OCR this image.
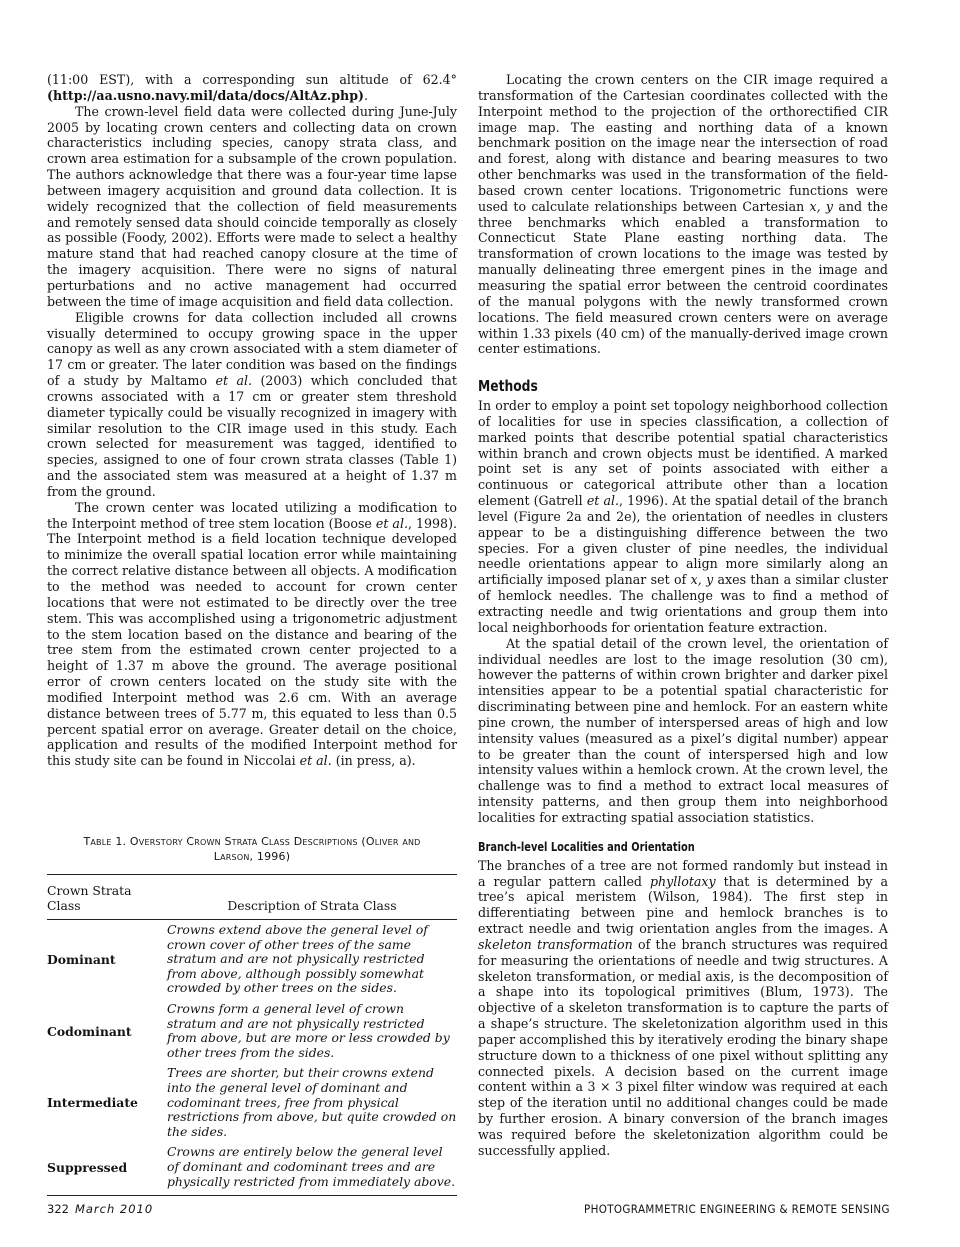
(11:00 EST), with a corresponding sun altitude of 62.4° (http://aa.usno.navy.mil/data/docs/AltAz.php).

The crown-level field data were collected during June-July 2005 by locating crown centers and collecting data on crown characteristics including species, canopy strata class, and crown area estimation for a subsample of the crown population. The authors acknowledge that there was a four-year time lapse between imagery acquisition and ground data collection. It is widely recognized that the collection of field measurements and remotely sensed data should coincide temporally as closely as possible (Foody, 2002). Efforts were made to select a healthy mature stand that had reached canopy closure at the time of the imagery acquisition. There were no signs of natural perturbations and no active management had occurred between the time of image acquisition and field data collection.

Eligible crowns for data collection included all crowns visually determined to occupy growing space in the upper canopy as well as any crown associated with a stem diameter of 17 cm or greater. The later condition was based on the findings of a study by Maltamo et al. (2003) which concluded that crowns associated with a 17 cm or greater stem threshold diameter typically could be visually recognized in imagery with similar resolution to the CIR image used in this study. Each crown selected for measurement was tagged, identified to species, assigned to one of four crown strata classes (Table 1) and the associated stem was measured at a height of 1.37 m from the ground.

The crown center was located utilizing a modification to the Interpoint method of tree stem location (Boose et al., 1998). The Interpoint method is a field location technique developed to minimize the overall spatial location error while maintaining the correct relative distance between all objects. A modification to the method was needed to account for crown center locations that were not estimated to be directly over the tree stem. This was accomplished using a trigonometric adjustment to the stem location based on the distance and bearing of the tree stem from the estimated crown center projected to a height of 1.37 m above the ground. The average positional error of crown centers located on the study site with the modified Interpoint method was 2.6 cm. With an average distance between trees of 5.77 m, this equated to less than 0.5 percent spatial error on average. Greater detail on the choice, application and results of the modified Interpoint method for this study site can be found in Niccolai et al. (in press, a).

Table 1. Overstory Crown Strata Class Descriptions (Oliver and
Larson, 1996)
Crown Strata
Class	Description of Strata Class
Dominant	Crowns extend above the general level of crown cover of other trees of the same stratum and are not physically restricted from above, although possibly somewhat crowded by other trees on the sides.
Codominant	Crowns form a general level of crown stratum and are not physically restricted from above, but are more or less crowded by other trees from the sides.
Intermediate	Trees are shorter, but their crowns extend into the general level of dominant and codominant trees, free from physical restrictions from above, but quite crowded on the sides.
Suppressed	Crowns are entirely below the general level of dominant and codominant trees and are physically restricted from immediately above.

Locating the crown centers on the CIR image required a transformation of the Cartesian coordinates collected with the Interpoint method to the projection of the orthorectified CIR image map. The easting and northing data of a known benchmark position on the image near the intersection of road and forest, along with distance and bearing measures to two other benchmarks was used in the transformation of the field-based crown center locations. Trigonometric functions were used to calculate relationships between Cartesian x, y and the three benchmarks which enabled a transformation to Connecticut State Plane easting northing data. The transformation of crown locations to the image was tested by manually delineating three emergent pines in the image and measuring the spatial error between the centroid coordinates of the manual polygons with the newly transformed crown locations. The field measured crown centers were on average within 1.33 pixels (40 cm) of the manually-derived image crown center estimations.

Methods

In order to employ a point set topology neighborhood collection of localities for use in species classification, a collection of marked points that describe potential spatial characteristics within branch and crown objects must be identified. A marked point set is any set of points associated with either a continuous or categorical attribute other than a location element (Gatrell et al., 1996). At the spatial detail of the branch level (Figure 2a and 2e), the orientation of needles in clusters appear to be a distinguishing difference between the two species. For a given cluster of pine needles, the individual needle orientations appear to align more similarly along an artificially imposed planar set of x, y axes than a similar cluster of hemlock needles. The challenge was to find a method of extracting needle and twig orientations and group them into local neighborhoods for orientation feature extraction.

At the spatial detail of the crown level, the orientation of individual needles are lost to the image resolution (30 cm), however the patterns of within crown brighter and darker pixel intensities appear to be a potential spatial characteristic for discriminating between pine and hemlock. For an eastern white pine crown, the number of interspersed areas of high and low intensity values (measured as a pixel’s digital number) appear to be greater than the count of interspersed high and low intensity values within a hemlock crown. At the crown level, the challenge was to find a method to extract local measures of intensity patterns, and then group them into neighborhood localities for extracting spatial association statistics.

Branch-level Localities and Orientation

The branches of a tree are not formed randomly but instead in a regular pattern called phyllotaxy that is determined by a tree’s apical meristem (Wilson, 1984). The first step in differentiating between pine and hemlock branches is to extract needle and twig orientation angles from the images. A skeleton transformation of the branch structures was required for measuring the orientations of needle and twig structures. A skeleton transformation, or medial axis, is the decomposition of a shape into its topological primitives (Blum, 1973). The objective of a skeleton transformation is to capture the parts of a shape’s structure. The skeletonization algorithm used in this paper accomplished this by iteratively eroding the binary shape structure down to a thickness of one pixel without splitting any connected pixels. A decision based on the current image content within a 3 × 3 pixel filter window was required at each step of the iteration until no additional changes could be made by further erosion. A binary conversion of the branch images was required before the skeletonization algorithm could be successfully applied.

322 March 2010	PHOTOGRAMMETRIC ENGINEERING & REMOTE SENSING
